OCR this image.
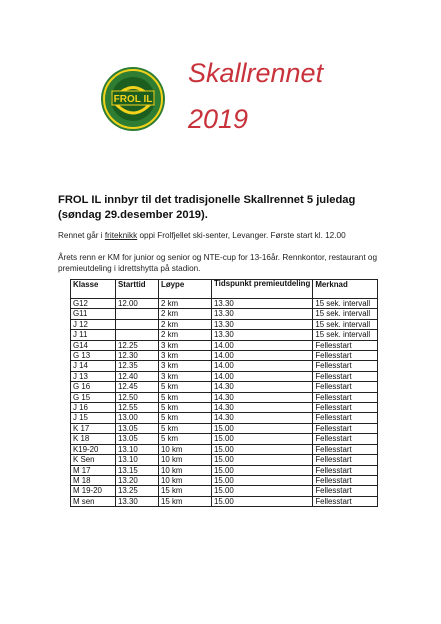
FROL IL
Skallrennet
2019
FROL IL innbyr til det tradisjonelle Skallrennet 5 juledag (søndag 29.desember 2019).
Rennet går i friteknikk oppi Frolfjellet ski-senter, Levanger. Første start kl. 12.00
Årets renn er KM for junior og senior og NTE-cup for 13-16år. Rennkontor, restaurant og premieutdeling i idrettshytta på stadion.
Klasse	Starttid	Løype	Tidspunkt premieutdeling	Merknad
G12	12.00	2 km	13.30	15 sek. intervall
G11		2 km	13.30	15 sek. intervall
J 12		2 km	13.30	15 sek. intervall
J 11		2 km	13.30	15 sek. intervall
G14	12.25	3 km	14.00	Fellesstart
G 13	12.30	3 km	14.00	Fellesstart
J 14	12.35	3 km	14.00	Fellesstart
J 13	12.40	3 km	14.00	Fellesstart
G 16	12.45	5 km	14.30	Fellesstart
G 15	12.50	5 km	14.30	Fellesstart
J 16	12.55	5 km	14.30	Fellesstart
J 15	13.00	5 km	14.30	Fellesstart
K 17	13.05	5 km	15.00	Fellesstart
K 18	13.05	5 km	15.00	Fellesstart
K19-20	13.10	10 km	15.00	Fellesstart
K Sen	13.10	10 km	15.00	Fellesstart
M 17	13.15	10 km	15.00	Fellesstart
M 18	13.20	10 km	15.00	Fellesstart
M 19-20	13.25	15 km	15.00	Fellesstart
M sen	13.30	15 km	15.00	Fellesstart
